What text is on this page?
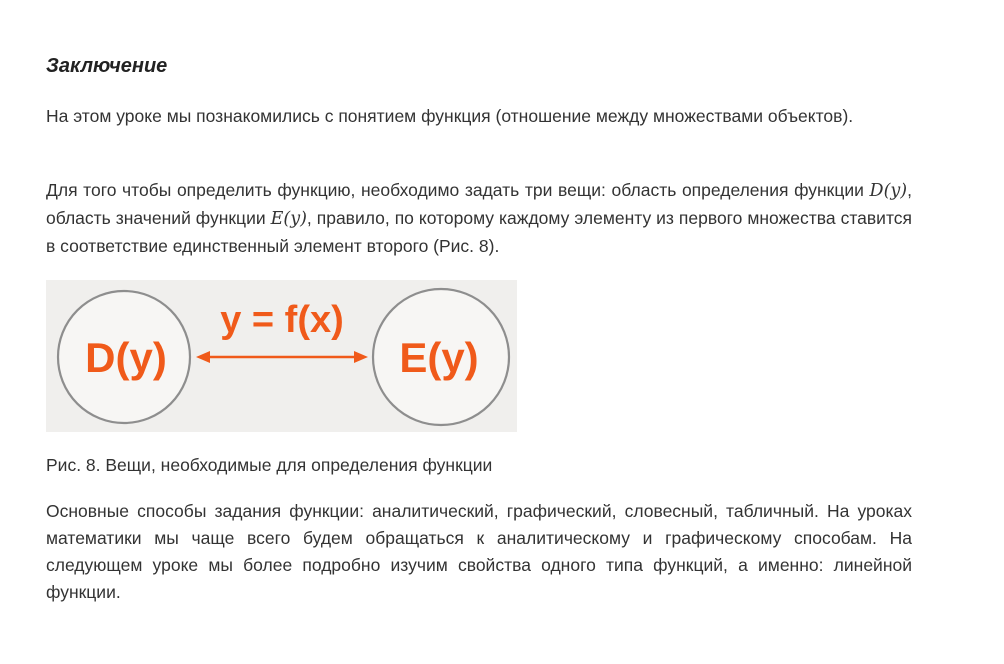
Заключение

На этом уроке мы познакомились с понятием функция (отношение между множествами объектов).

Для того чтобы определить функцию, необходимо задать три вещи: область определения функции D(y), область значений функции E(y), правило, по которому каждому элементу из первого множества ставится в соответствие единственный элемент второго (Рис. 8).

D(y)	E(y)
y = f(x)

Рис. 8. Вещи, необходимые для определения функции

Основные способы задания функции: аналитический, графический, словесный, табличный. На уроках математики мы чаще всего будем обращаться к аналитическому и графическому способам. На следующем уроке мы более подробно изучим свойства одного типа функций, а именно: линейной функции.
